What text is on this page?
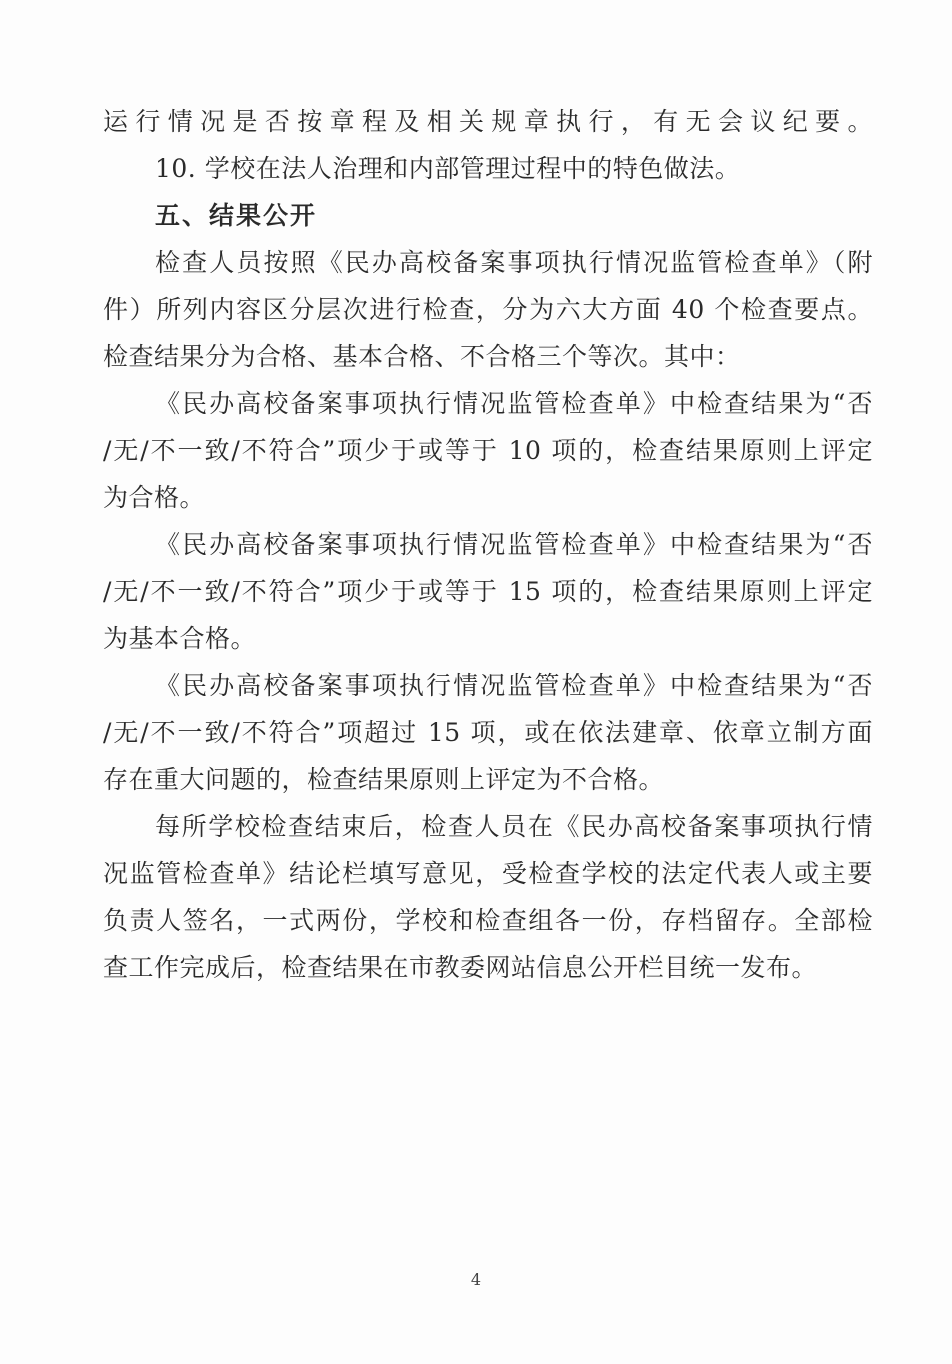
运行情况是否按章程及相关规章执行，有无会议纪要。
10. 学校在法人治理和内部管理过程中的特色做法。
五、结果公开
检查人员按照《民办高校备案事项执行情况监管检查单》（附
件）所列内容区分层次进行检查，分为六大方面 40 个检查要点。
检查结果分为合格、基本合格、不合格三个等次。其中：
《民办高校备案事项执行情况监管检查单》中检查结果为“否
/无/不一致/不符合”项少于或等于 10 项的，检查结果原则上评定
为合格。
《民办高校备案事项执行情况监管检查单》中检查结果为“否
/无/不一致/不符合”项少于或等于 15 项的，检查结果原则上评定
为基本合格。
《民办高校备案事项执行情况监管检查单》中检查结果为“否
/无/不一致/不符合”项超过 15 项，或在依法建章、依章立制方面
存在重大问题的，检查结果原则上评定为不合格。
每所学校检查结束后，检查人员在《民办高校备案事项执行情
况监管检查单》结论栏填写意见，受检查学校的法定代表人或主要
负责人签名，一式两份，学校和检查组各一份，存档留存。全部检
查工作完成后，检查结果在市教委网站信息公开栏目统一发布。
4
